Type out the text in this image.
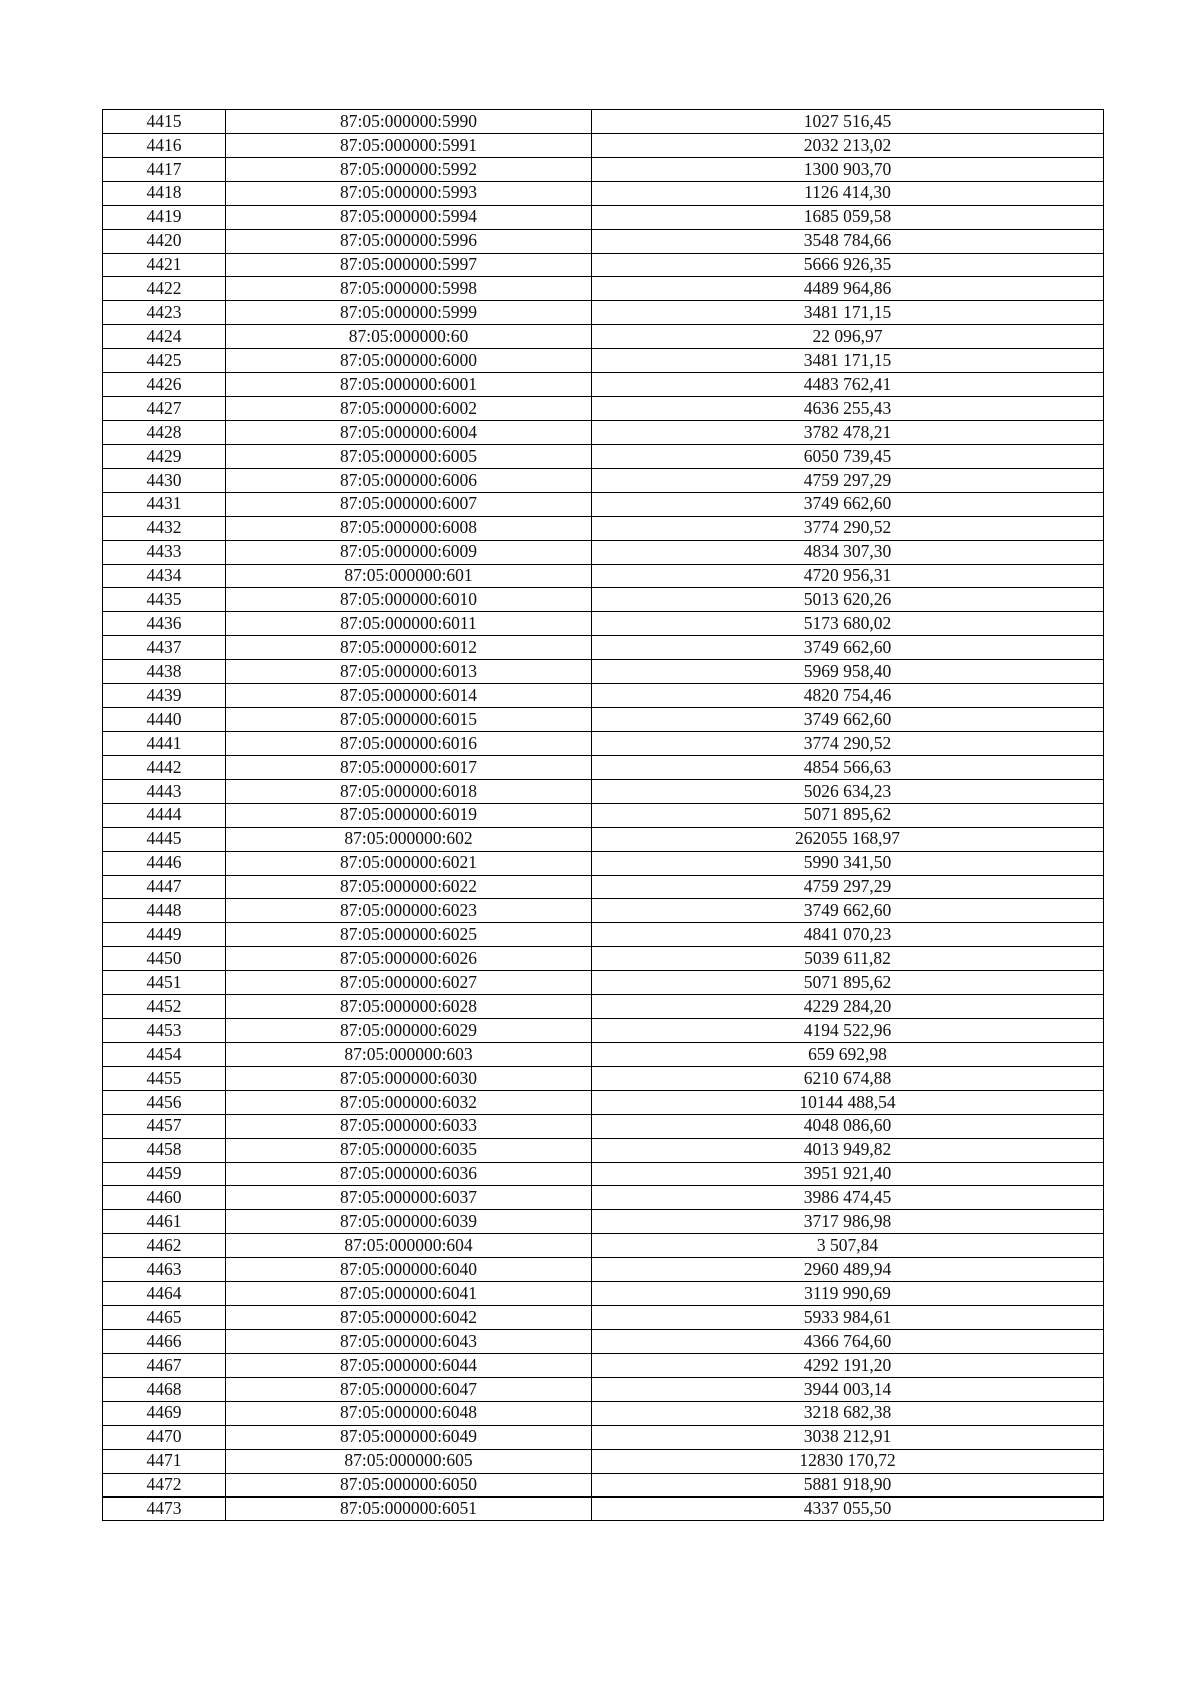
4415	87:05:000000:5990	1027 516,45
4416	87:05:000000:5991	2032 213,02
4417	87:05:000000:5992	1300 903,70
4418	87:05:000000:5993	1126 414,30
4419	87:05:000000:5994	1685 059,58
4420	87:05:000000:5996	3548 784,66
4421	87:05:000000:5997	5666 926,35
4422	87:05:000000:5998	4489 964,86
4423	87:05:000000:5999	3481 171,15
4424	87:05:000000:60	22 096,97
4425	87:05:000000:6000	3481 171,15
4426	87:05:000000:6001	4483 762,41
4427	87:05:000000:6002	4636 255,43
4428	87:05:000000:6004	3782 478,21
4429	87:05:000000:6005	6050 739,45
4430	87:05:000000:6006	4759 297,29
4431	87:05:000000:6007	3749 662,60
4432	87:05:000000:6008	3774 290,52
4433	87:05:000000:6009	4834 307,30
4434	87:05:000000:601	4720 956,31
4435	87:05:000000:6010	5013 620,26
4436	87:05:000000:6011	5173 680,02
4437	87:05:000000:6012	3749 662,60
4438	87:05:000000:6013	5969 958,40
4439	87:05:000000:6014	4820 754,46
4440	87:05:000000:6015	3749 662,60
4441	87:05:000000:6016	3774 290,52
4442	87:05:000000:6017	4854 566,63
4443	87:05:000000:6018	5026 634,23
4444	87:05:000000:6019	5071 895,62
4445	87:05:000000:602	262055 168,97
4446	87:05:000000:6021	5990 341,50
4447	87:05:000000:6022	4759 297,29
4448	87:05:000000:6023	3749 662,60
4449	87:05:000000:6025	4841 070,23
4450	87:05:000000:6026	5039 611,82
4451	87:05:000000:6027	5071 895,62
4452	87:05:000000:6028	4229 284,20
4453	87:05:000000:6029	4194 522,96
4454	87:05:000000:603	659 692,98
4455	87:05:000000:6030	6210 674,88
4456	87:05:000000:6032	10144 488,54
4457	87:05:000000:6033	4048 086,60
4458	87:05:000000:6035	4013 949,82
4459	87:05:000000:6036	3951 921,40
4460	87:05:000000:6037	3986 474,45
4461	87:05:000000:6039	3717 986,98
4462	87:05:000000:604	3 507,84
4463	87:05:000000:6040	2960 489,94
4464	87:05:000000:6041	3119 990,69
4465	87:05:000000:6042	5933 984,61
4466	87:05:000000:6043	4366 764,60
4467	87:05:000000:6044	4292 191,20
4468	87:05:000000:6047	3944 003,14
4469	87:05:000000:6048	3218 682,38
4470	87:05:000000:6049	3038 212,91
4471	87:05:000000:605	12830 170,72
4472	87:05:000000:6050	5881 918,90
4473	87:05:000000:6051	4337 055,50
